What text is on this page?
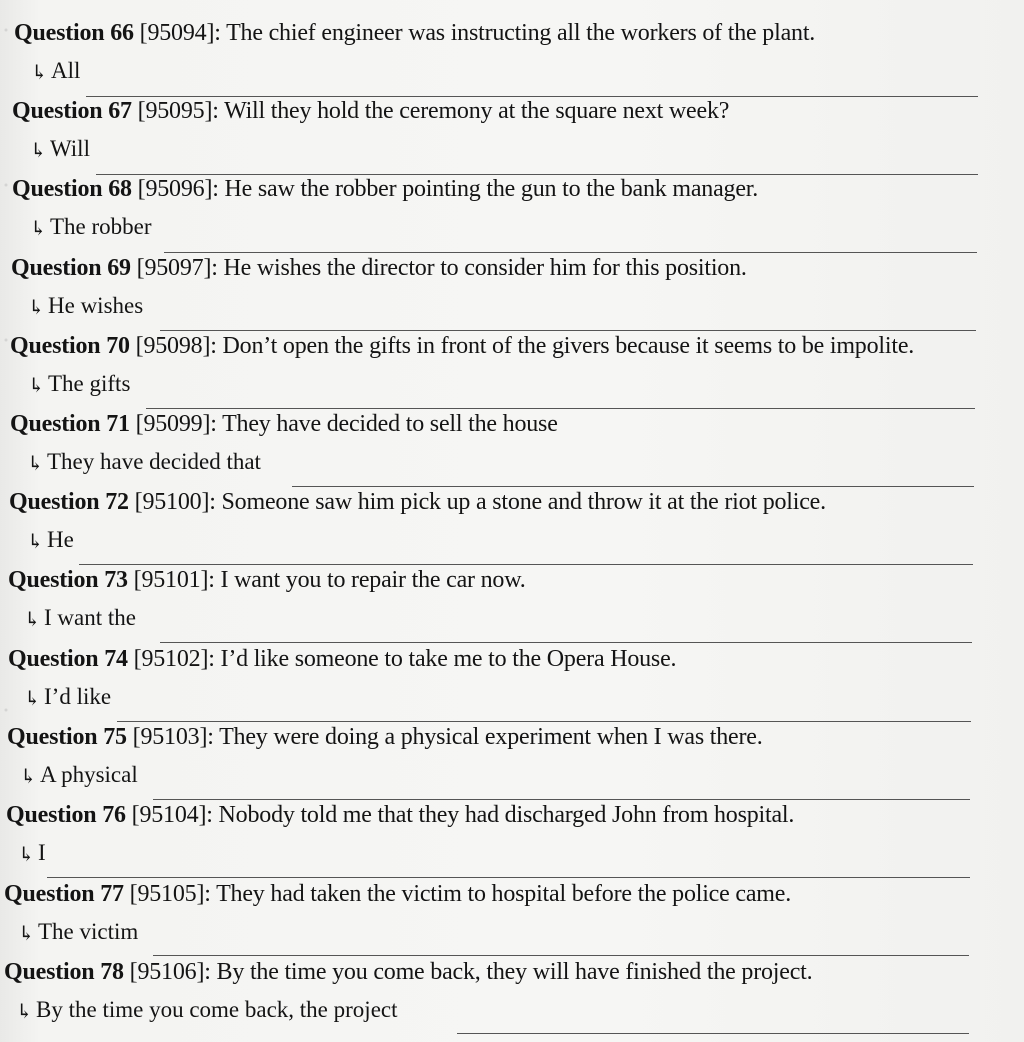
Question 66 [95094]: The chief engineer was instructing all the workers of the plant.
↳ All
Question 67 [95095]: Will they hold the ceremony at the square next week?
↳ Will
Question 68 [95096]: He saw the robber pointing the gun to the bank manager.
↳ The robber
Question 69 [95097]: He wishes the director to consider him for this position.
↳ He wishes
Question 70 [95098]: Don’t open the gifts in front of the givers because it seems to be impolite.
↳ The gifts
Question 71 [95099]: They have decided to sell the house
↳ They have decided that
Question 72 [95100]: Someone saw him pick up a stone and throw it at the riot police.
↳ He
Question 73 [95101]: I want you to repair the car now.
↳ I want the
Question 74 [95102]: I’d like someone to take me to the Opera House.
↳ I’d like
Question 75 [95103]: They were doing a physical experiment when I was there.
↳ A physical
Question 76 [95104]: Nobody told me that they had discharged John from hospital.
↳ I
Question 77 [95105]: They had taken the victim to hospital before the police came.
↳ The victim
Question 78 [95106]: By the time you come back, they will have finished the project.
↳ By the time you come back, the project
